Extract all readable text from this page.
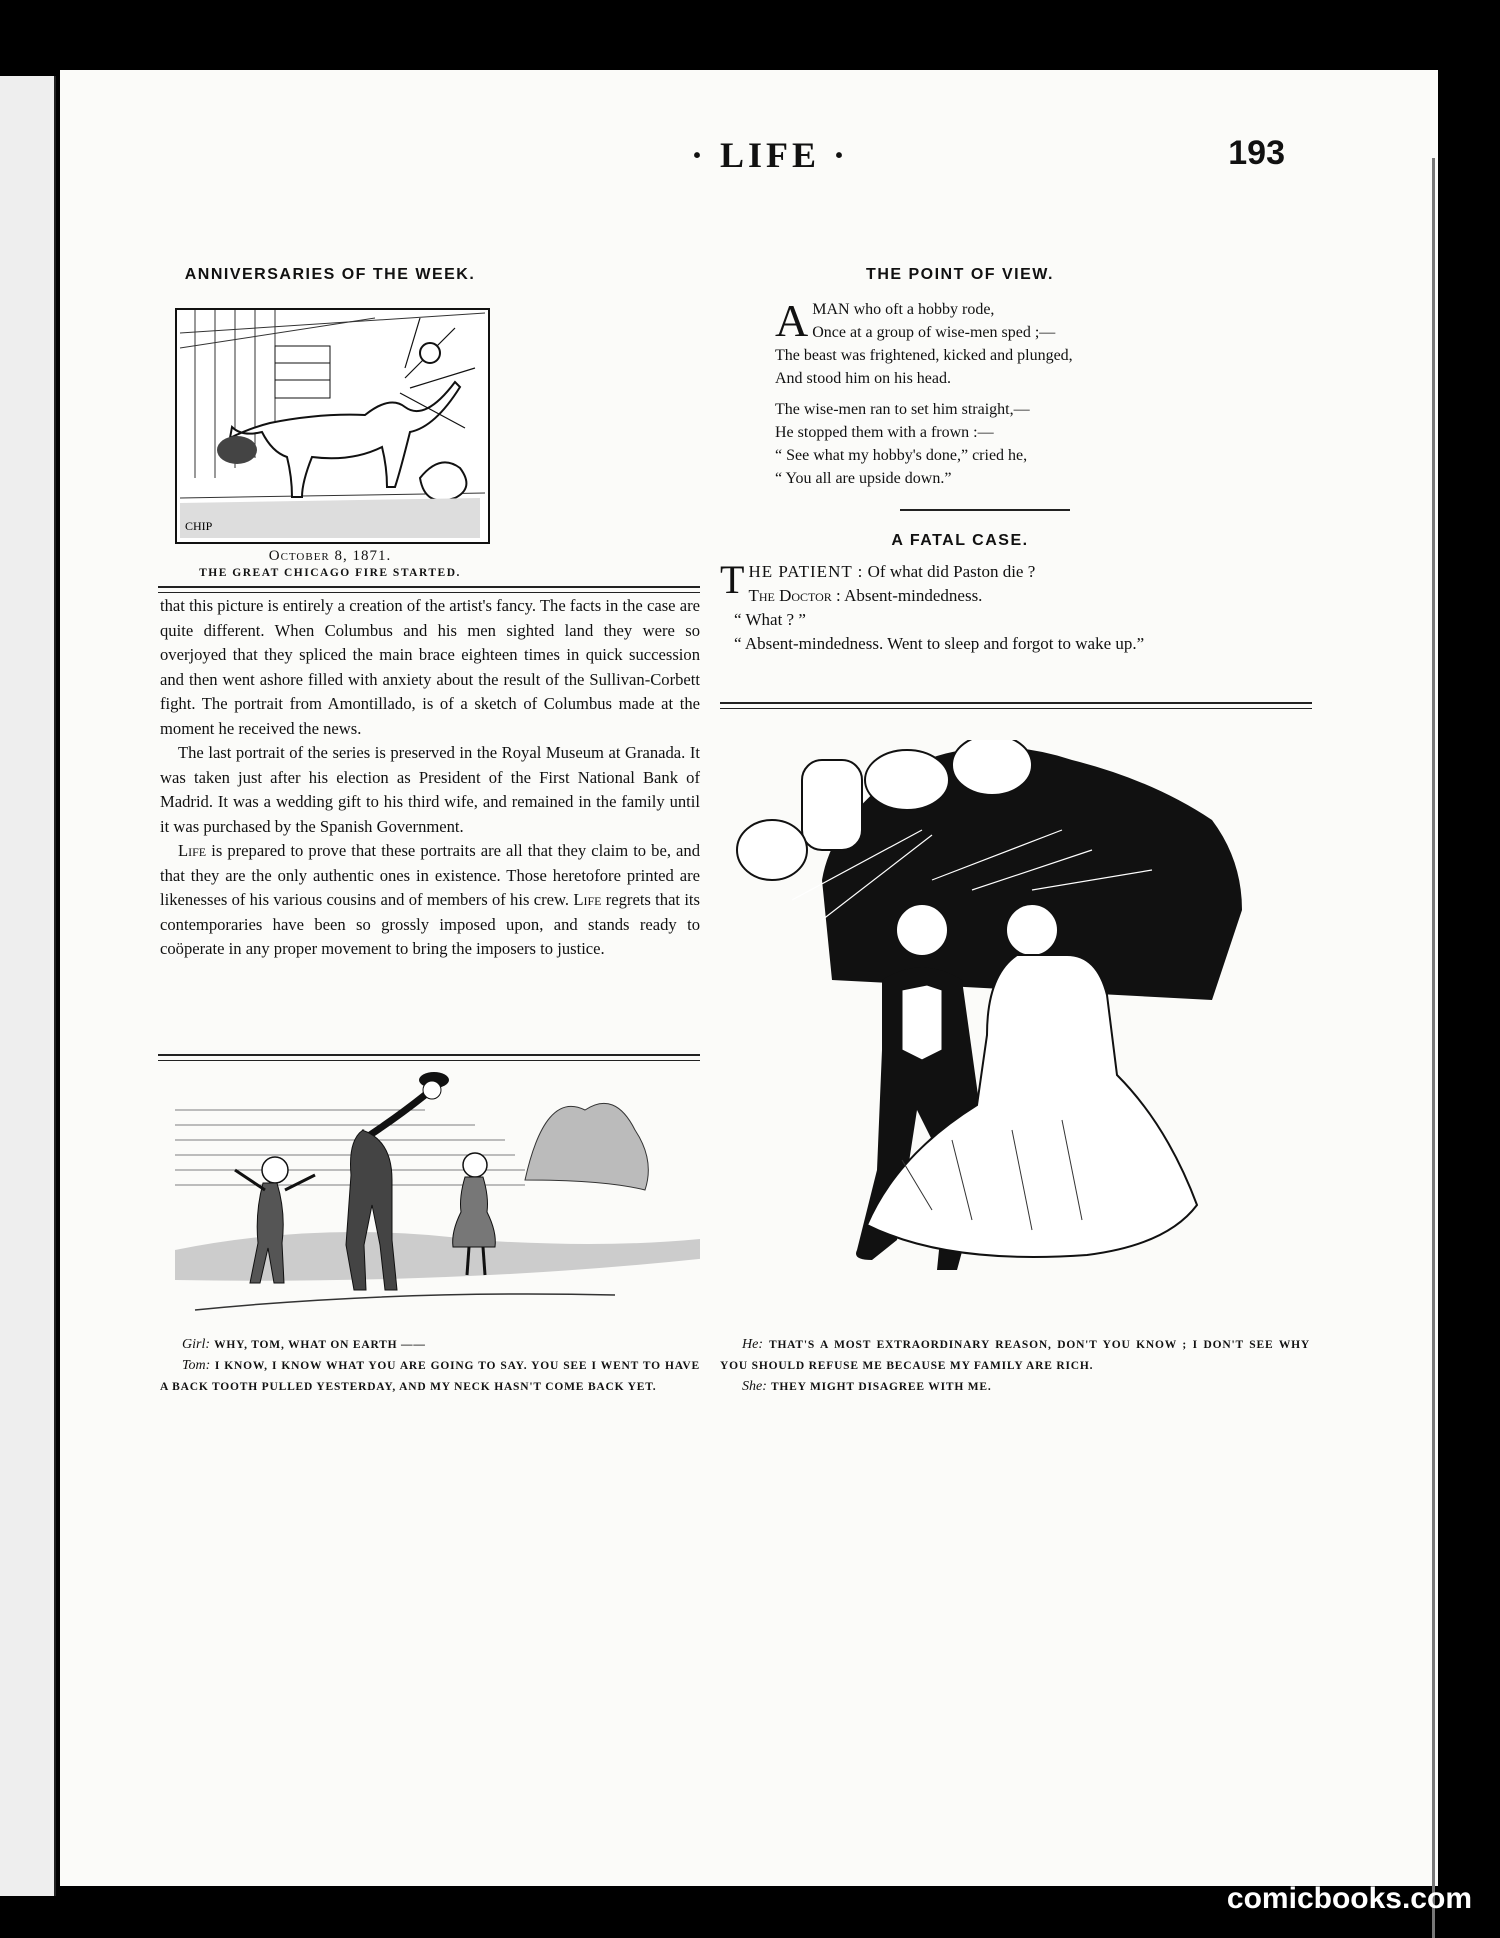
· LIFE ·	193
ANNIVERSARIES OF THE WEEK.
CHIP
October 8, 1871.
THE GREAT CHICAGO FIRE STARTED.

that this picture is entirely a creation of the artist's fancy. The facts in the case are quite different. When Columbus and his men sighted land they were so overjoyed that they spliced the main brace eighteen times in quick succession and then went ashore filled with anxiety about the result of the Sullivan-Corbett fight. The portrait from Amontillado, is of a sketch of Columbus made at the moment he received the news.

The last portrait of the series is preserved in the Royal Museum at Granada. It was taken just after his election as President of the First National Bank of Madrid. It was a wedding gift to his third wife, and remained in the family until it was purchased by the Spanish Government.

Life is prepared to prove that these portraits are all that they claim to be, and that they are the only authentic ones in existence. Those heretofore printed are likenesses of his various cousins and of members of his crew. Life regrets that its contemporaries have been so grossly imposed upon, and stands ready to coöperate in any proper movement to bring the imposers to justice.

Girl: WHY, TOM, WHAT ON EARTH ——
Tom: I KNOW, I KNOW WHAT YOU ARE GOING TO SAY. YOU SEE I WENT TO HAVE A BACK TOOTH PULLED YESTERDAY, AND MY NECK HASN'T COME BACK YET.
THE POINT OF VIEW.

A MAN who oft a hobby rode,
Once at a group of wise-men sped ;—
The beast was frightened, kicked and plunged,
And stood him on his head.

The wise-men ran to set him straight,—
He stopped them with a frown :—
“ See what my hobby's done,” cried he,
“ You all are upside down.”

A FATAL CASE.

THE PATIENT : Of what did Paston die ?

The Doctor : Absent-mindedness.

“ What ? ”

“ Absent-mindedness. Went to sleep and forgot to wake up.”

He: THAT'S A MOST EXTRAORDINARY REASON, DON'T YOU KNOW ; I DON'T SEE WHY YOU SHOULD REFUSE ME BECAUSE MY FAMILY ARE RICH.
She: THEY MIGHT DISAGREE WITH ME.
comicbooks.com
